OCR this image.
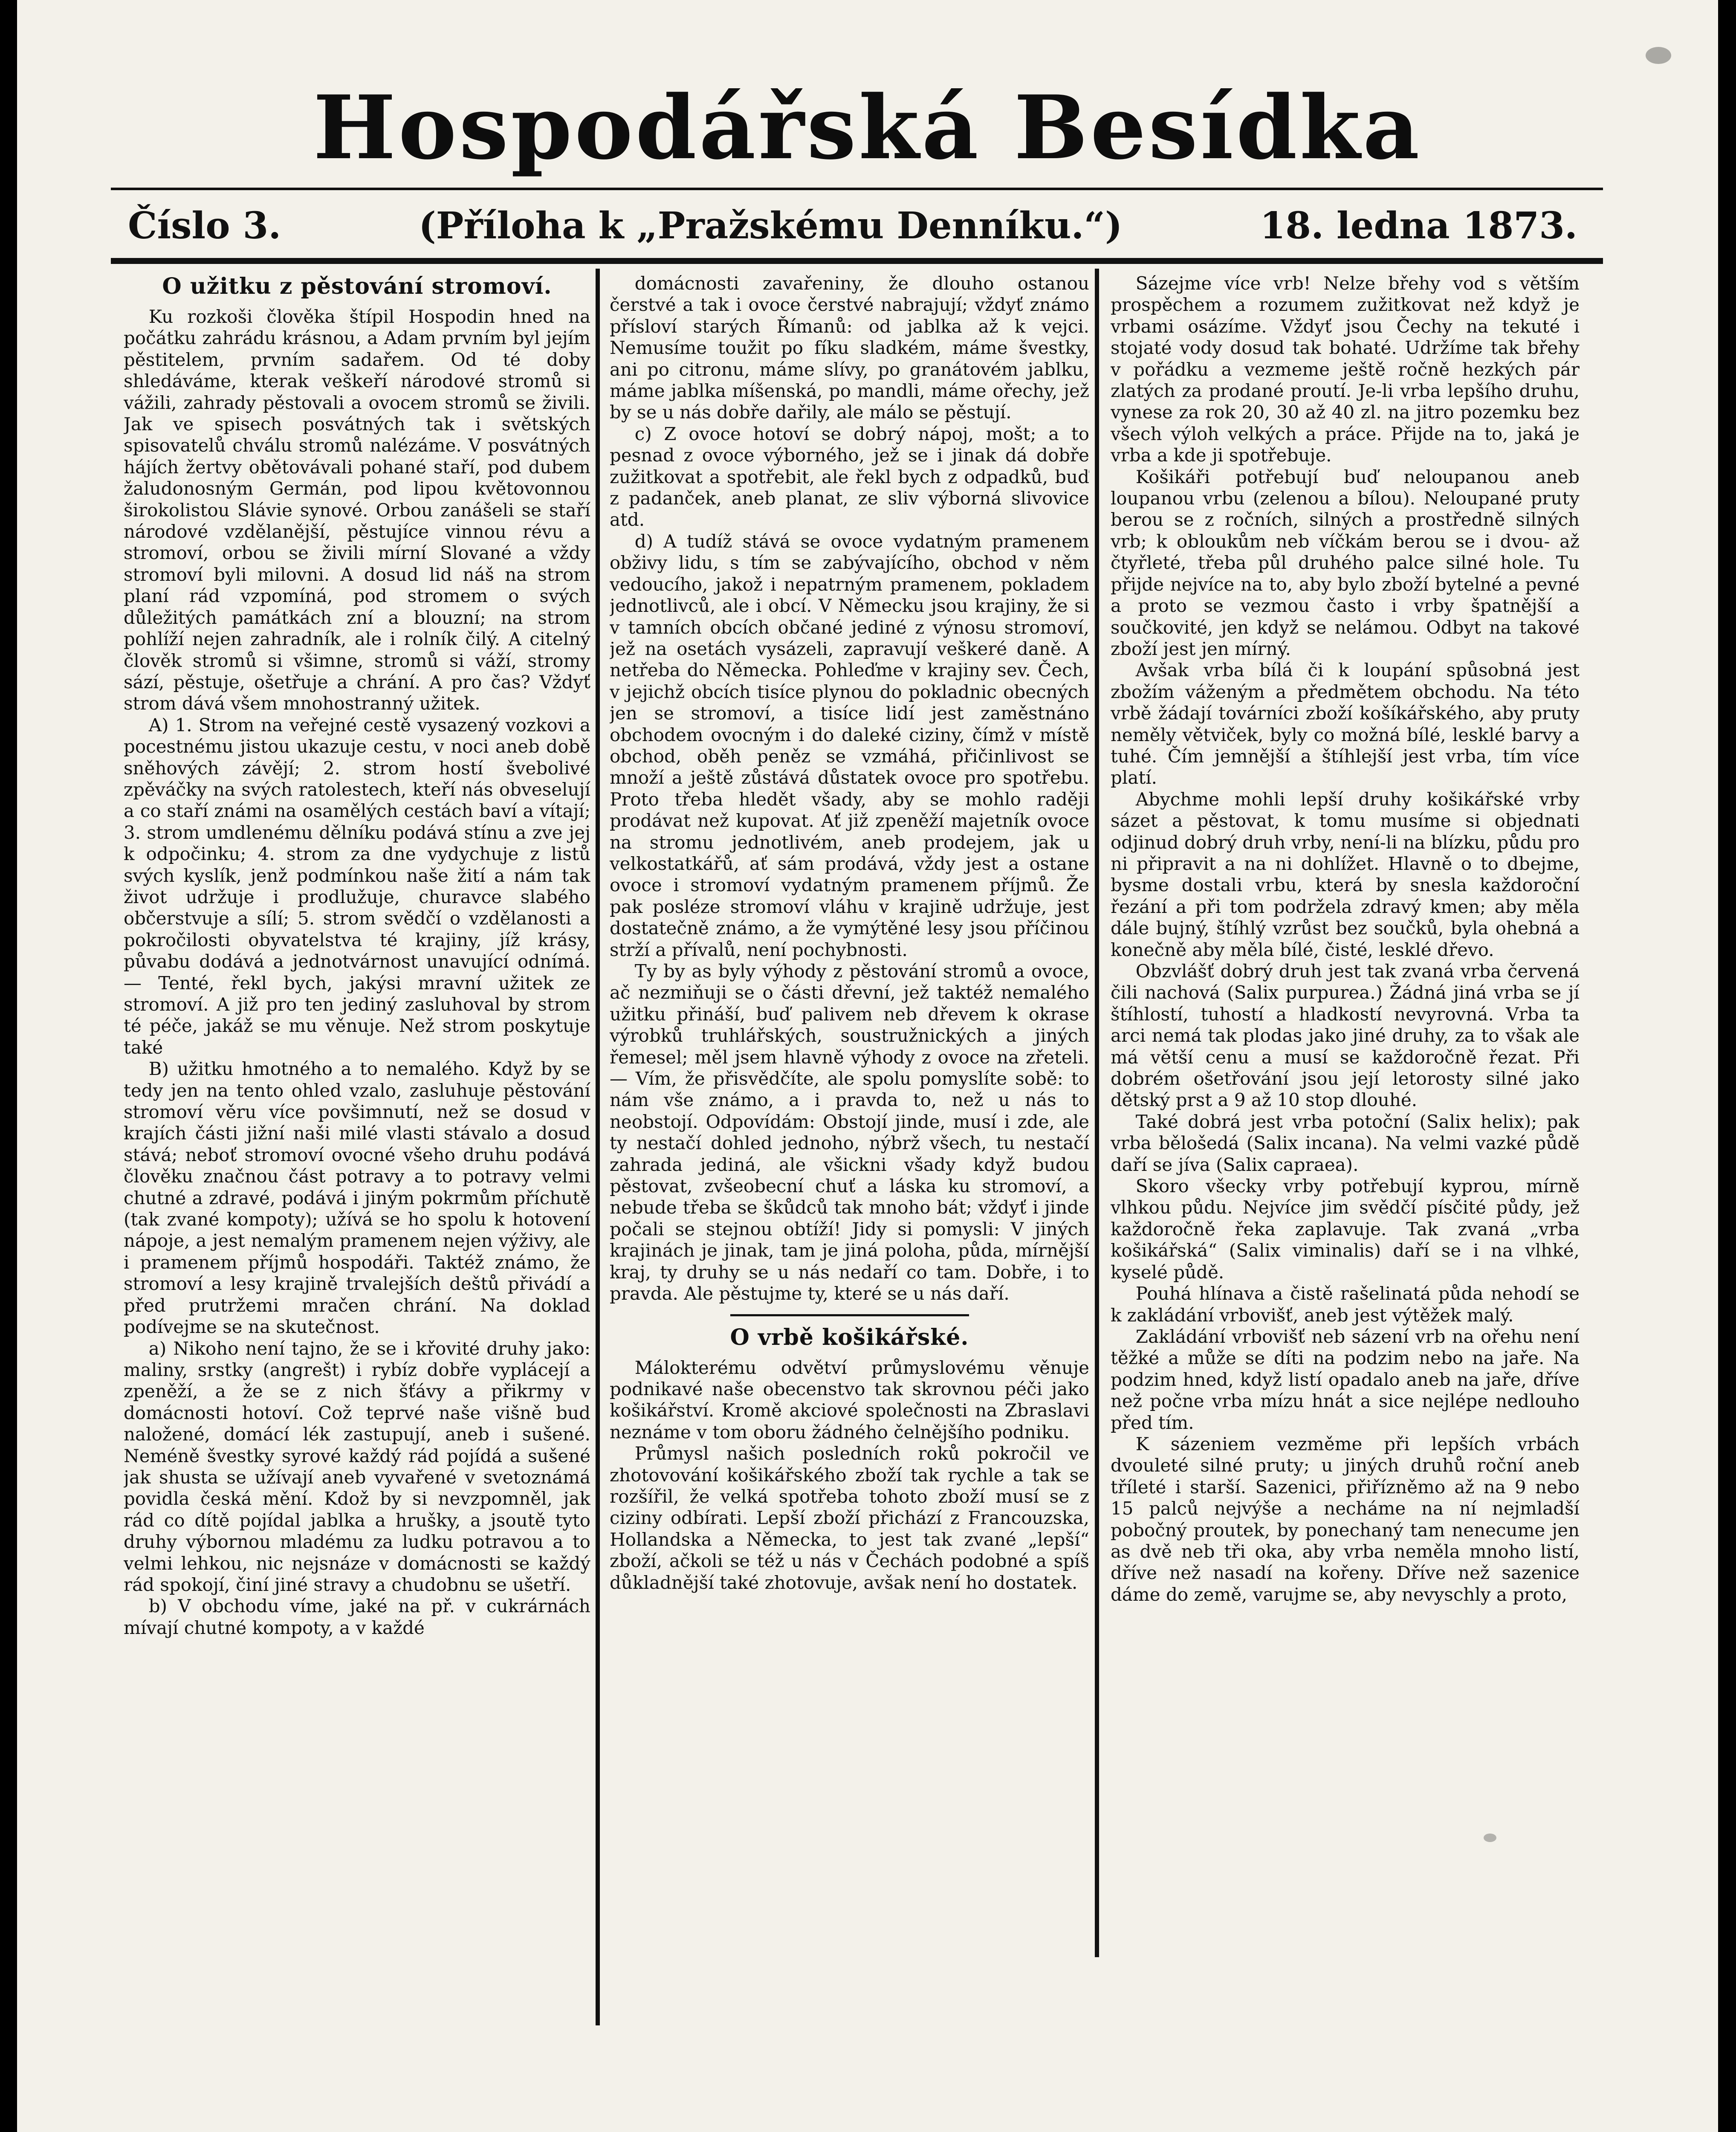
Hospodářská Besídka
Číslo 3.	(Příloha k „Pražskému Denníku.“)	18. ledna 1873.
O užitku z pěstování stromoví.

Ku rozkoši člověka štípil Hospodin hned na počátku zahrádu krásnou, a Adam prvním byl jejím pěstitelem, prvním sadařem. Od té doby shledáváme, kterak veškeří národové stromů si vážili, zahrady pěstovali a ovocem stromů se živili. Jak ve spisech posvátných tak i světských spisovatelů chválu stromů nalézáme. V posvátných hájích žertvy obětovávali pohané staří, pod dubem žaludonosným Germán, pod lipou květovonnou širokolistou Slávie synové. Orbou zanášeli se staří národové vzdělanější, pěstujíce vinnou révu a stromoví, orbou se živili mírní Slované a vždy stromoví byli milovni. A dosud lid náš na strom planí rád vzpomíná, pod stromem o svých důležitých památkách zní a blouzní; na strom pohlíží nejen zahradník, ale i rolník čilý. A citelný člověk stromů si všimne, stromů si váží, stromy sází, pěstuje, ošetřuje a chrání. A pro čas? Vždyť strom dává všem mnohostranný užitek.

A) 1. Strom na veřejné cestě vysazený vozkovi a pocestnému jistou ukazuje cestu, v noci aneb době sněhových závějí; 2. strom hostí švebolivé zpěváčky na svých ratolestech, kteří nás obveselují a co staří známi na osamělých cestách baví a vítají; 3. strom umdlenému dělníku podává stínu a zve jej k odpočinku; 4. strom za dne vydychuje z listů svých kyslík, jenž podmínkou naše žití a nám tak život udržuje i prodlužuje, churavce slabého občerstvuje a sílí; 5. strom svědčí o vzdělanosti a pokročilosti obyvatelstva té krajiny, jíž krásy, půvabu dodává a jednotvárnost unavující odnímá. — Tenté, řekl bych, jakýsi mravní užitek ze stromoví. A již pro ten jediný zasluhoval by strom té péče, jakáž se mu věnuje. Než strom poskytuje také

B) užitku hmotného a to nemalého. Když by se tedy jen na tento ohled vzalo, zasluhuje pěstování stromoví věru více povšimnutí, než se dosud v krajích části jižní naši milé vlasti stávalo a dosud stává; neboť stromoví ovocné všeho druhu podává člověku značnou část potravy a to potravy velmi chutné a zdravé, podává i jiným pokrmům příchutě (tak zvané kompoty); užívá se ho spolu k hotovení nápoje, a jest nemalým pramenem nejen výživy, ale i pramenem příjmů hospodáři. Taktéž známo, že stromoví a lesy krajině trvalejších deštů přivádí a před prutržemi mračen chrání. Na doklad podívejme se na skutečnost.

a) Nikoho není tajno, že se i křovité druhy jako: maliny, srstky (angrešt) i rybíz dobře vyplácejí a zpeněží, a že se z nich šťávy a přikrmy v domácnosti hotoví. Což teprvé naše višně bud naložené, domácí lék zastupují, aneb i sušené. Neméně švestky syrové každý rád pojídá a sušené jak shusta se užívají aneb vyvařené v svetoznámá povidla česká mění. Kdož by si nevzpomněl, jak rád co dítě pojídal jablka a hrušky, a jsoutě tyto druhy výbornou mladému za ludku potravou a to velmi lehkou, nic nejsnáze v domácnosti se každý rád spokojí, činí jiné stravy a chudobnu se ušetří.

b) V obchodu víme, jaké na př. v cukrárnách mívají chutné kompoty, a v každé

domácnosti zavařeniny, že dlouho ostanou čerstvé a tak i ovoce čerstvé nabrajují; vždyť známo přísloví starých Římanů: od jablka až k vejci. Nemusíme toužit po fíku sladkém, máme švestky, ani po citronu, máme slívy, po granátovém jablku, máme jablka míšenská, po mandli, máme ořechy, jež by se u nás dobře dařily, ale málo se pěstují.

c) Z ovoce hotoví se dobrý nápoj, mošt; a to pesnad z ovoce výborného, jež se i jinak dá dobře zužitkovat a spotřebit, ale řekl bych z odpadků, buď z padanček, aneb planat, ze sliv výborná slivovice atd.

d) A tudíž stává se ovoce vydatným pramenem obživy lidu, s tím se zabývajícího, obchod v něm vedoucího, jakož i nepatrným pramenem, pokladem jednotlivců, ale i obcí. V Německu jsou krajiny, že si v tamních obcích občané jediné z výnosu stromoví, jež na osetách vysázeli, zapravují veškeré daně. A netřeba do Německa. Pohleďme v krajiny sev. Čech, v jejichž obcích tisíce plynou do pokladnic obecných jen se stromoví, a tisíce lidí jest zaměstnáno obchodem ovocným i do daleké ciziny, čímž v místě obchod, oběh peněz se vzmáhá, přičinlivost se množí a ještě zůstává důstatek ovoce pro spotřebu. Proto třeba hledět všady, aby se mohlo raději prodávat než kupovat. Ať již zpeněží majetník ovoce na stromu jednotlivém, aneb prodejem, jak u velkostatkářů, ať sám prodává, vždy jest a ostane ovoce i stromoví vydatným pramenem příjmů. Že pak posléze stromoví vláhu v krajině udržuje, jest dostatečně známo, a že vymýtěné lesy jsou příčinou strží a přívalů, není pochybnosti.

Ty by as byly výhody z pěstování stromů a ovoce, ač nezmiňuji se o části dřevní, jež taktéž nemalého užitku přináší, buď palivem neb dřevem k okrase výrobků truhlářských, soustružnických a jiných řemesel; měl jsem hlavně výhody z ovoce na zřeteli. — Vím, že přisvědčíte, ale spolu pomyslíte sobě: to nám vše známo, a i pravda to, než u nás to neobstojí. Odpovídám: Obstojí jinde, musí i zde, ale ty nestačí dohled jednoho, nýbrž všech, tu nestačí zahrada jediná, ale všickni všady když budou pěstovat, zvšeobecní chuť a láska ku stromoví, a nebude třeba se škůdců tak mnoho bát; vždyť i jinde počali se stejnou obtíží! Jidy si pomysli: V jiných krajinách je jinak, tam je jiná poloha, půda, mírnější kraj, ty druhy se u nás nedaří co tam. Dobře, i to pravda. Ale pěstujme ty, které se u nás daří.

O vrbě košikářské.

Málokterému odvětví průmyslovému věnuje podnikavé naše obecenstvo tak skrovnou péči jako košikářství. Kromě akciové společnosti na Zbraslavi neznáme v tom oboru žádného čelnějšího podniku.

Průmysl našich posledních roků pokročil ve zhotovování košikářského zboží tak rychle a tak se rozšířil, že velká spotřeba tohoto zboží musí se z ciziny odbírati. Lepší zboží přichází z Francouzska, Hollandska a Německa, to jest tak zvané „lepší“ zboží, ačkoli se též u nás v Čechách podobné a spíš důkladnější také zhotovuje, avšak není ho dostatek.

Sázejme více vrb! Nelze břehy vod s větším prospěchem a rozumem zužitkovat než když je vrbami osázíme. Vždyť jsou Čechy na tekuté i stojaté vody dosud tak bohaté. Udržíme tak břehy v pořádku a vezmeme ještě ročně hezkých pár zlatých za prodané proutí. Je-li vrba lepšího druhu, vynese za rok 20, 30 až 40 zl. na jitro pozemku bez všech výloh velkých a práce. Přijde na to, jaká je vrba a kde ji spotřebuje.

Košikáři potřebují buď neloupanou aneb loupanou vrbu (zelenou a bílou). Neloupané pruty berou se z ročních, silných a prostředně silných vrb; k obloukům neb víčkám berou se i dvou- až čtyřleté, třeba půl druhého palce silné hole. Tu přijde nejvíce na to, aby bylo zboží bytelné a pevné a proto se vezmou často i vrby špatnější a součkovité, jen když se nelámou. Odbyt na takové zboží jest jen mírný.

Avšak vrba bílá či k loupání spůsobná jest zbožím váženým a předmětem obchodu. Na této vrbě žádají továrníci zboží košíkářského, aby pruty neměly větviček, byly co možná bílé, lesklé barvy a tuhé. Čím jemnější a štíhlejší jest vrba, tím více platí.

Abychme mohli lepší druhy košikářské vrby sázet a pěstovat, k tomu musíme si objednati odjinud dobrý druh vrby, není-li na blízku, půdu pro ni připravit a na ni dohlížet. Hlavně o to dbejme, bysme dostali vrbu, která by snesla každoroční řezání a při tom podržela zdravý kmen; aby měla dále bujný, štíhlý vzrůst bez součků, byla ohebná a konečně aby měla bílé, čisté, lesklé dřevo.

Obzvlášť dobrý druh jest tak zvaná vrba červená čili nachová (Salix purpurea.) Žádná jiná vrba se jí štíhlostí, tuhostí a hladkostí nevyrovná. Vrba ta arci nemá tak plodas jako jiné druhy, za to však ale má větší cenu a musí se každoročně řezat. Při dobrém ošetřování jsou její letorosty silné jako dětský prst a 9 až 10 stop dlouhé.

Také dobrá jest vrba potoční (Salix helix); pak vrba bělošedá (Salix incana). Na velmi vazké půdě daří se jíva (Salix capraea).

Skoro všecky vrby potřebují kyprou, mírně vlhkou půdu. Nejvíce jim svědčí písčité půdy, jež každoročně řeka zaplavuje. Tak zvaná „vrba košikářská“ (Salix viminalis) daří se i na vlhké, kyselé půdě.

Pouhá hlínava a čistě rašelinatá půda nehodí se k zakládání vrbovišť, aneb jest výtěžek malý.

Zakládání vrbovišť neb sázení vrb na ořehu není těžké a může se díti na podzim nebo na jaře. Na podzim hned, když listí opadalo aneb na jaře, dříve než počne vrba mízu hnát a sice nejlépe nedlouho před tím.

K sázeniem vezměme při lepších vrbách dvouleté silné pruty; u jiných druhů roční aneb tříleté i starší. Sazenici, přiřízněmo až na 9 nebo 15 palců nejvýše a necháme na ní nejmladší pobočný proutek, by ponechaný tam nenecume jen as dvě neb tři oka, aby vrba neměla mnoho listí, dříve než nasadí na kořeny. Dříve než sazenice dáme do země, varujme se, aby nevyschly a proto,
